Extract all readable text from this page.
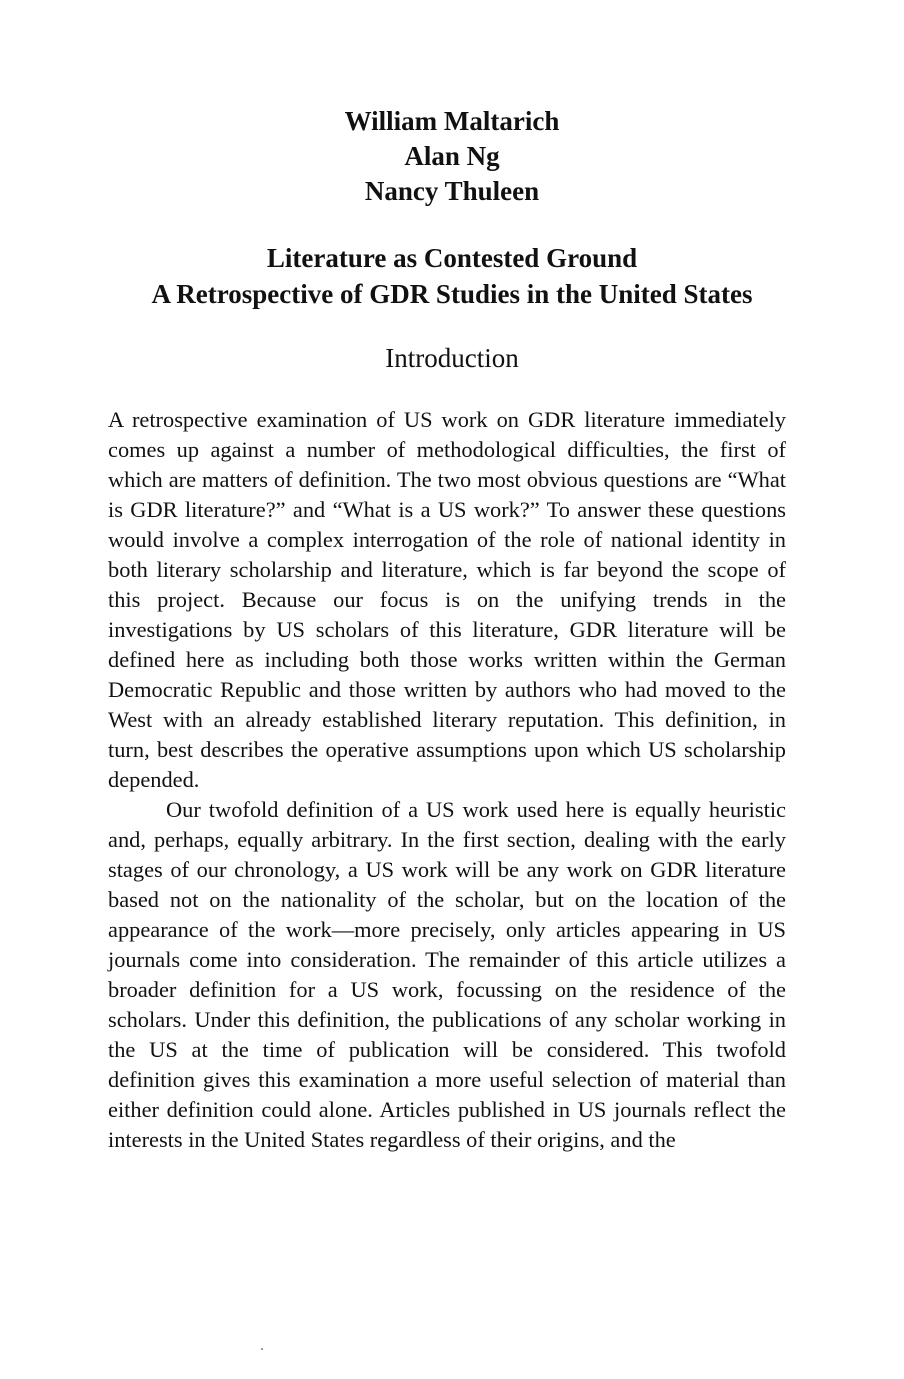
William Maltarich
Alan Ng
Nancy Thuleen
Literature as Contested Ground
A Retrospective of GDR Studies in the United States
Introduction

A retrospective examination of US work on GDR literature immediately comes up against a number of methodological difficulties, the first of which are matters of definition. The two most obvious questions are “What is GDR literature?” and “What is a US work?” To answer these questions would involve a complex interrogation of the role of national identity in both literary scholarship and literature, which is far beyond the scope of this project. Because our focus is on the unifying trends in the investigations by US scholars of this literature, GDR literature will be defined here as including both those works written within the German Democratic Republic and those written by authors who had moved to the West with an already established literary reputation. This definition, in turn, best describes the operative assumptions upon which US scholarship depended.

Our twofold definition of a US work used here is equally heuristic and, perhaps, equally arbitrary. In the first section, dealing with the early stages of our chronology, a US work will be any work on GDR literature based not on the nationality of the scholar, but on the location of the appearance of the work—more precisely, only articles appearing in US journals come into consideration. The remainder of this article utilizes a broader definition for a US work, focussing on the residence of the scholars. Under this definition, the publications of any scholar working in the US at the time of publication will be considered. This twofold definition gives this examination a more useful selection of material than either definition could alone. Articles published in US journals reflect the interests in the United States regardless of their origins, and the
